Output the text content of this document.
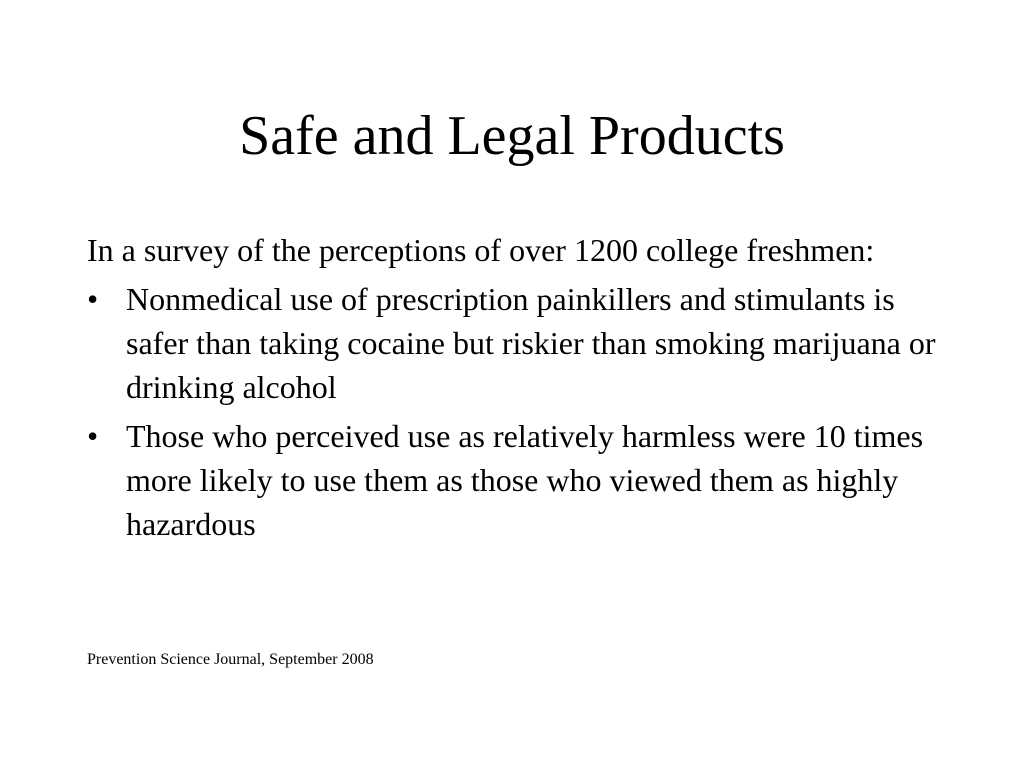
Safe and Legal Products

In a survey of the perceptions of over 1200 college freshmen:

• Nonmedical use of prescription painkillers and stimulants is safer than taking cocaine but riskier than smoking marijuana or drinking alcohol
• Those who perceived use as relatively harmless were 10 times more likely to use them as those who viewed them as highly hazardous

Prevention Science Journal, September 2008
